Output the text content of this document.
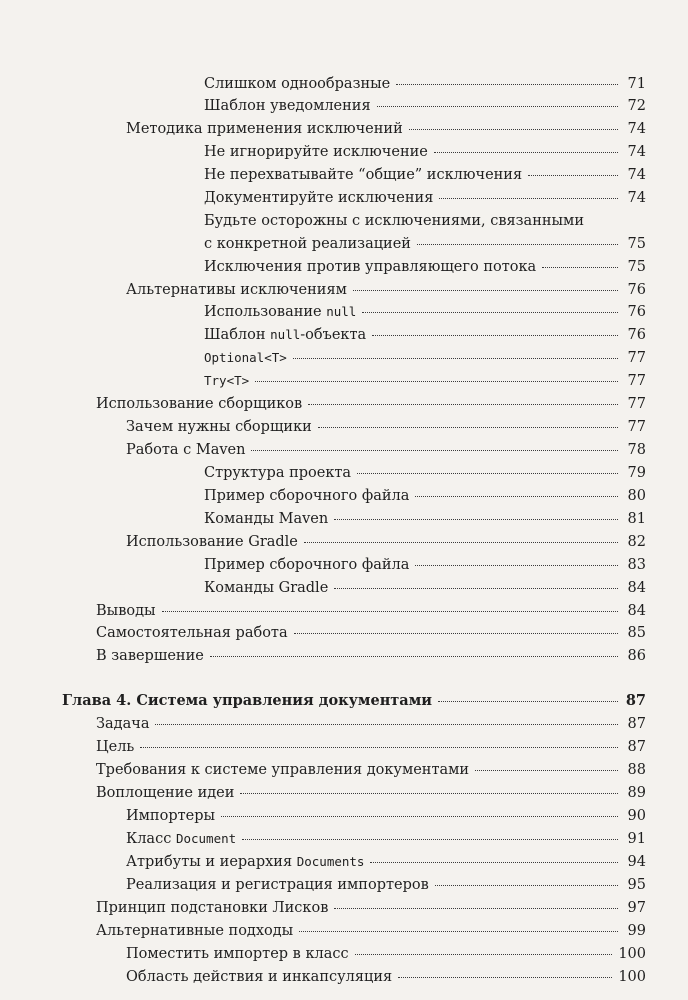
Слишком однообразные	71
Шаблон уведомления	72
Методика применения исключений	74
Не игнорируйте исключение	74
Не перехватывайте “общие” исключения	74
Документируйте исключения	74
Будьте осторожны с исключениями, связанными
с конкретной реализацией	75
Исключения против управляющего потока	75
Альтернативы исключениям	76
Использование null	76
Шаблон null-объекта	76
Optional<T>	77
Try<T>	77
Использование сборщиков	77
Зачем нужны сборщики	77
Работа с Maven	78
Структура проекта	79
Пример сборочного файла	80
Команды Maven	81
Использование Gradle	82
Пример сборочного файла	83
Команды Gradle	84
Выводы	84
Самостоятельная работа	85
В завершение	86
Глава 4. Система управления документами	87
Задача	87
Цель	87
Требования к системе управления документами	88
Воплощение идеи	89
Импортеры	90
Класс Document	91
Атрибуты и иерархия Documents	94
Реализация и регистрация импортеров	95
Принцип подстановки Лисков	97
Альтернативные подходы	99
Поместить импортер в класс	100
Область действия и инкапсуляция	100
